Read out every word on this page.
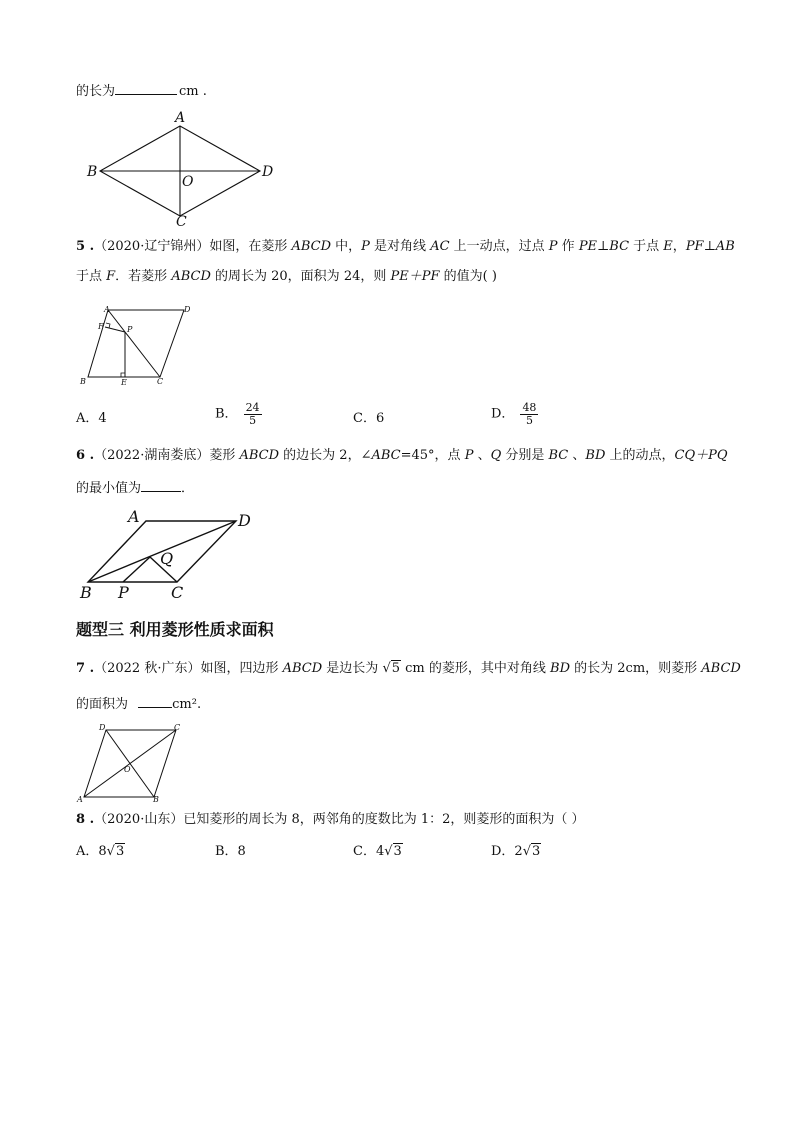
的长为	cm .
A
B
C
D
O
5 .（2020·辽宁锦州）如图，在菱形 ABCD 中，P 是对角线 AC 上一动点，过点 P 作 PE⊥BC 于点 E，PF⊥AB
于点 F．若菱形 ABCD 的周长为 20，面积为 24，则 PE＋PF 的值为( )
A	D
B	C
E
F	P
A．4	B． $\frac{24}{5}$	C．6	D． $\frac{48}{5}$
6 .（2022·湖南娄底）菱形 ABCD 的边长为 2，∠ABC=45°，点 P 、Q 分别是 BC 、BD 上的动点，CQ＋PQ
的最小值为	．
A	D
B P	C
Q
题型三 利用菱形性质求面积
7 .（2022 秋·广东）如图，四边形 ABCD 是边长为 √5 cm 的菱形，其中对角线 BD 的长为 2cm，则菱形 ABCD
的面积为	cm².
A	B
C
D
O
8 .（2020·山东）已知菱形的周长为 8，两邻角的度数比为 1：2，则菱形的面积为（ ）
A．8√3	B．8	C．4√3	D．2√3
